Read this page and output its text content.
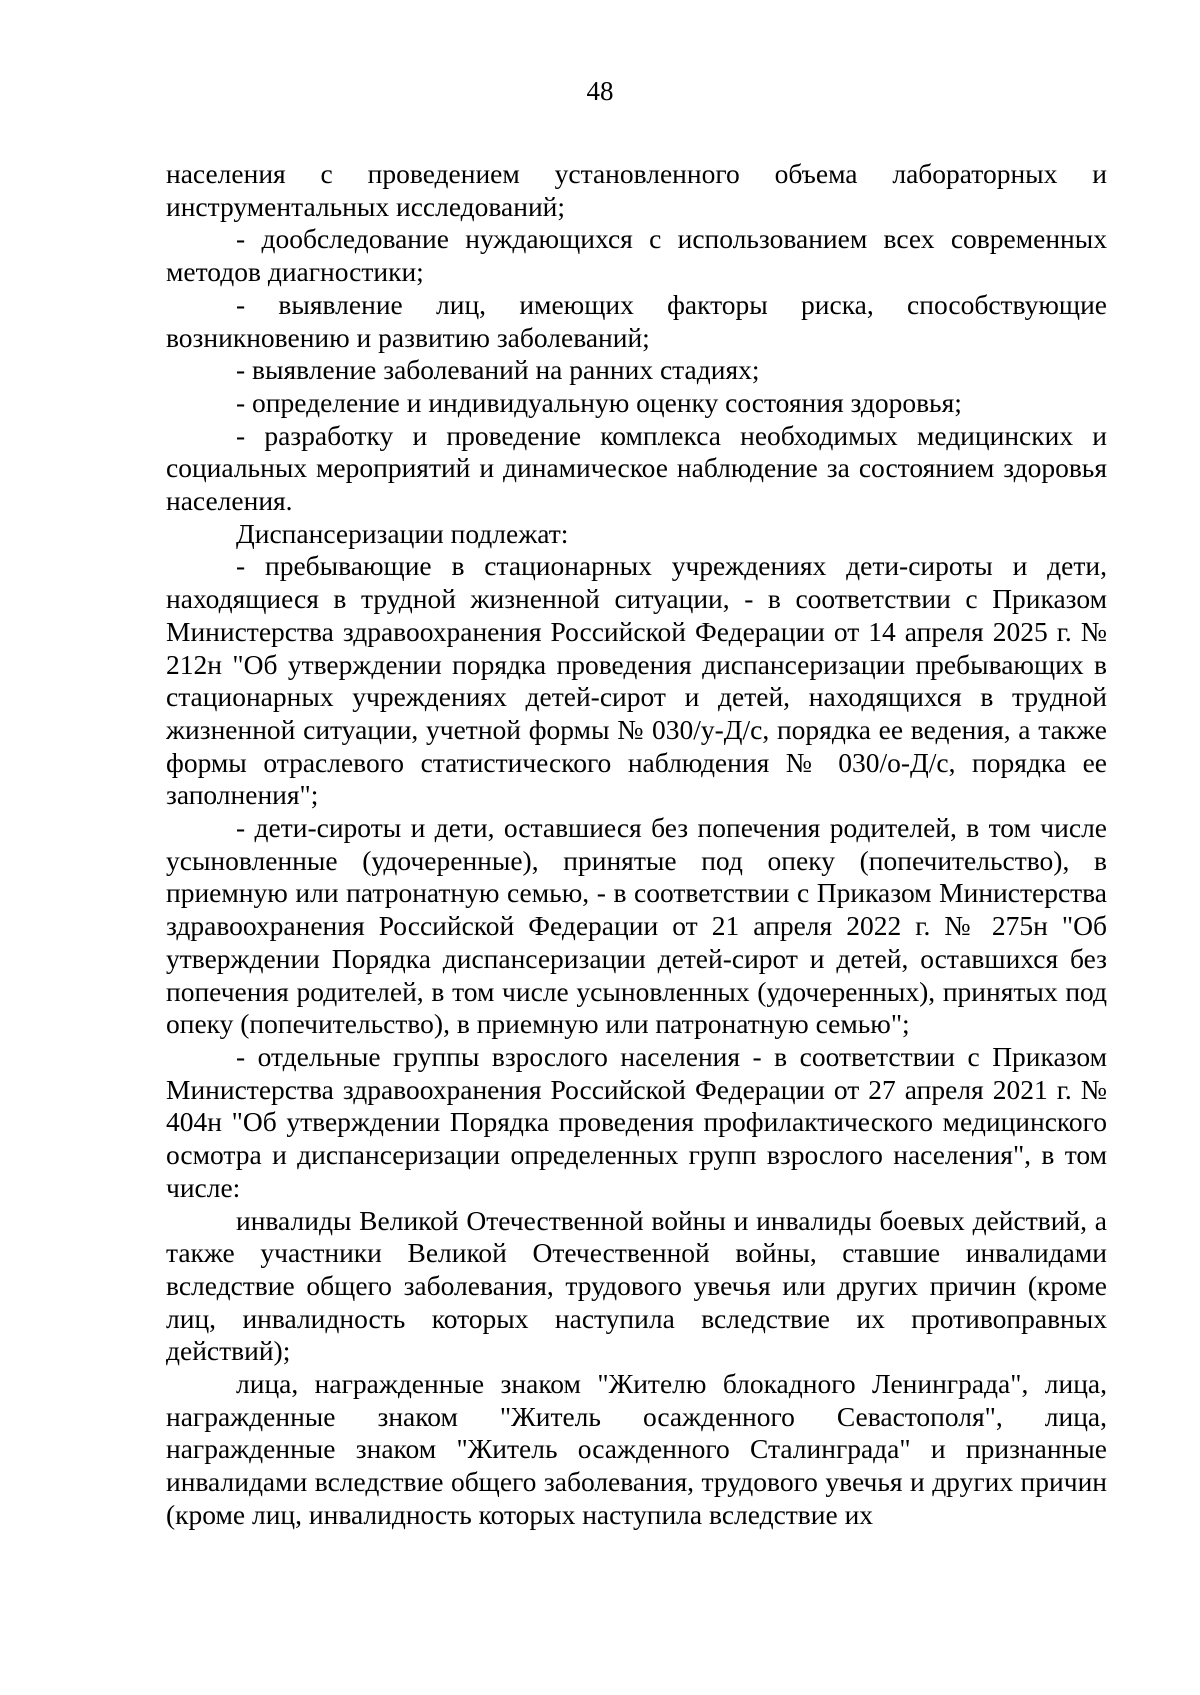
48

населения с проведением установленного объема лабораторных и инструментальных исследований;

- дообследование нуждающихся с использованием всех современных методов диагностики;

- выявление лиц, имеющих факторы риска, способствующие возникновению и развитию заболеваний;

- выявление заболеваний на ранних стадиях;

- определение и индивидуальную оценку состояния здоровья;

- разработку и проведение комплекса необходимых медицинских и социальных мероприятий и динамическое наблюдение за состоянием здоровья населения.

Диспансеризации подлежат:

- пребывающие в стационарных учреждениях дети-сироты и дети, находящиеся в трудной жизненной ситуации, - в соответствии с Приказом Министерства здравоохранения Российской Федерации от 14 апреля 2025 г. № 212н "Об утверждении порядка проведения диспансеризации пребывающих в стационарных учреждениях детей-сирот и детей, находящихся в трудной жизненной ситуации, учетной формы № 030/у-Д/с, порядка ее ведения, а также формы отраслевого статистического наблюдения № 030/о-Д/с, порядка ее заполнения";

- дети-сироты и дети, оставшиеся без попечения родителей, в том числе усыновленные (удочеренные), принятые под опеку (попечительство), в приемную или патронатную семью, - в соответствии с Приказом Министерства здравоохранения Российской Федерации от 21 апреля 2022 г. № 275н "Об утверждении Порядка диспансеризации детей-сирот и детей, оставшихся без попечения родителей, в том числе усыновленных (удочеренных), принятых под опеку (попечительство), в приемную или патронатную семью";

- отдельные группы взрослого населения - в соответствии с Приказом Министерства здравоохранения Российской Федерации от 27 апреля 2021 г. № 404н "Об утверждении Порядка проведения профилактического медицинского осмотра и диспансеризации определенных групп взрослого населения", в том числе:

инвалиды Великой Отечественной войны и инвалиды боевых действий, а также участники Великой Отечественной войны, ставшие инвалидами вследствие общего заболевания, трудового увечья или других причин (кроме лиц, инвалидность которых наступила вследствие их противоправных действий);

лица, награжденные знаком "Жителю блокадного Ленинграда", лица, награжденные знаком "Житель осажденного Севастополя", лица, награжденные знаком "Житель осажденного Сталинграда" и признанные инвалидами вследствие общего заболевания, трудового увечья и других причин (кроме лиц, инвалидность которых наступила вследствие их
